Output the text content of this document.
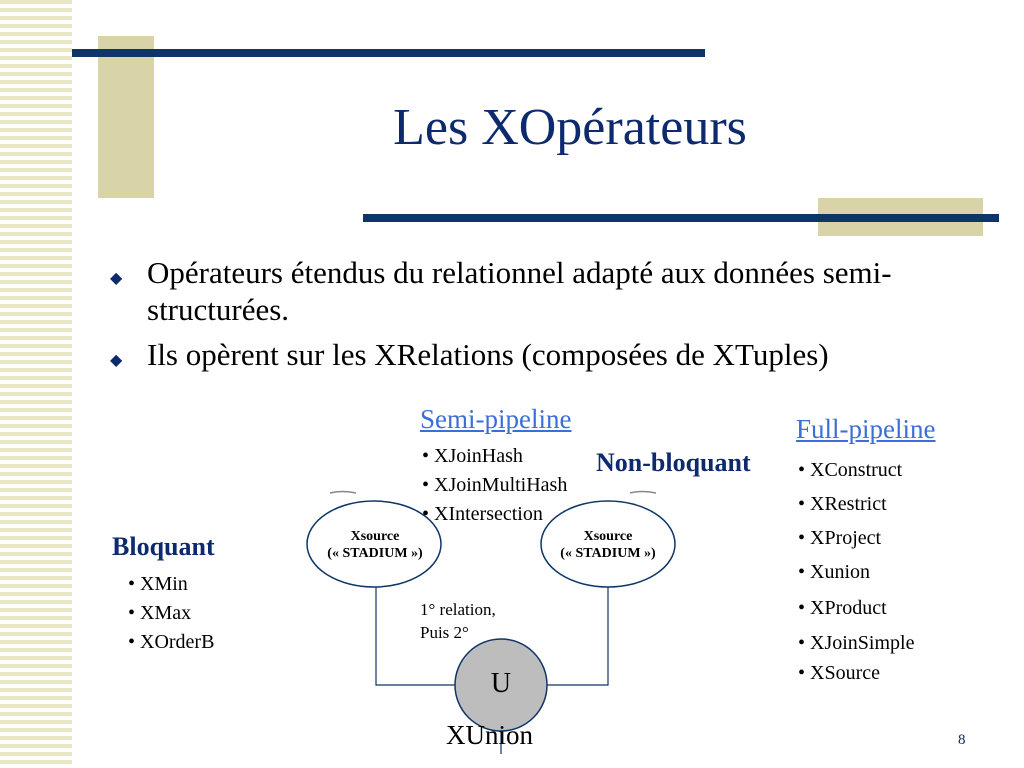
Les XOpérateurs
◆ Opérateurs étendus du relationnel adapté aux données semi-structurées.
◆ Ils opèrent sur les XRelations (composées de XTuples)
Xsource
(« STADIUM »)
Xsource
(« STADIUM »)
1° relation,
Puis 2°
U
XUnion
Semi-pipeline
• XJoinHash
• XJoinMultiHash
• XIntersection
Non-bloquant
Full-pipeline
• XConstruct
• XRestrict
• XProject
• Xunion
• XProduct
• XJoinSimple
• XSource
Bloquant
• XMin
• XMax
• XOrderB
8
